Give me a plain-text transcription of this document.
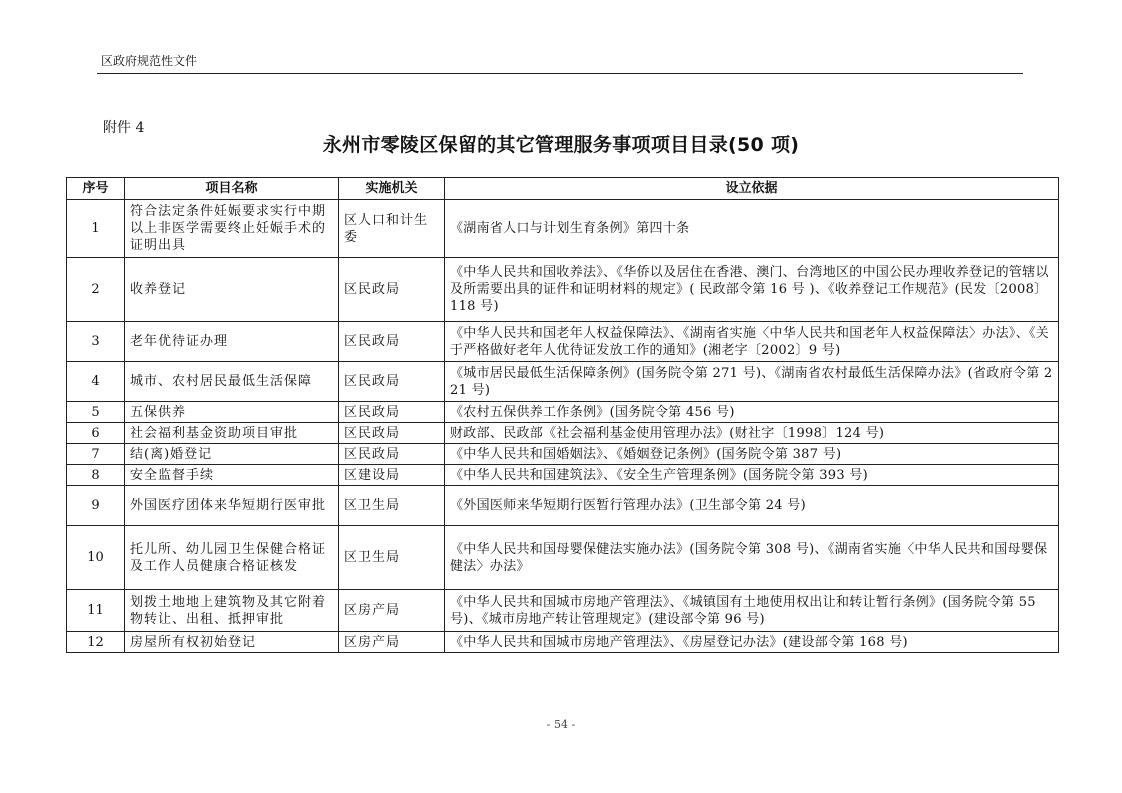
区政府规范性文件
附件 4
永州市零陵区保留的其它管理服务事项项目目录(50 项)
序号	项目名称	实施机关	设立依据
1	符合法定条件妊娠要求实行中期以上非医学需要终止妊娠手术的证明出具	区人口和计生委	《湖南省人口与计划生育条例》第四十条
2	收养登记	区民政局	《中华人民共和国收养法》、《华侨以及居住在香港、澳门、台湾地区的中国公民办理收养登记的管辖以及所需要出具的证件和证明材料的规定》( 民政部令第 16 号 )、《收养登记工作规范》(民发〔2008〕118 号)
3	老年优待证办理	区民政局	《中华人民共和国老年人权益保障法》、《湖南省实施〈中华人民共和国老年人权益保障法〉办法》、《关于严格做好老年人优待证发放工作的通知》(湘老字〔2002〕9 号)
4	城市、农村居民最低生活保障	区民政局	《城市居民最低生活保障条例》(国务院令第 271 号)、《湖南省农村最低生活保障办法》(省政府令第 221 号)
5	五保供养	区民政局	《农村五保供养工作条例》(国务院令第 456 号)
6	社会福利基金资助项目审批	区民政局	财政部、民政部《社会福利基金使用管理办法》(财社字〔1998〕124 号)
7	结(离)婚登记	区民政局	《中华人民共和国婚姻法》、《婚姻登记条例》(国务院令第 387 号)
8	安全监督手续	区建设局	《中华人民共和国建筑法》、《安全生产管理条例》(国务院令第 393 号)
9	外国医疗团体来华短期行医审批	区卫生局	《外国医师来华短期行医暂行管理办法》(卫生部令第 24 号)
10	托儿所、幼儿园卫生保健合格证及工作人员健康合格证核发	区卫生局	《中华人民共和国母婴保健法实施办法》(国务院令第 308 号)、《湖南省实施〈中华人民共和国母婴保健法〉办法》
11	划拨土地地上建筑物及其它附着物转让、出租、抵押审批	区房产局	《中华人民共和国城市房地产管理法》、《城镇国有土地使用权出让和转让暂行条例》(国务院令第 55 号)、《城市房地产转让管理规定》(建设部令第 96 号)
12	房屋所有权初始登记	区房产局	《中华人民共和国城市房地产管理法》、《房屋登记办法》(建设部令第 168 号)
- 54 -
